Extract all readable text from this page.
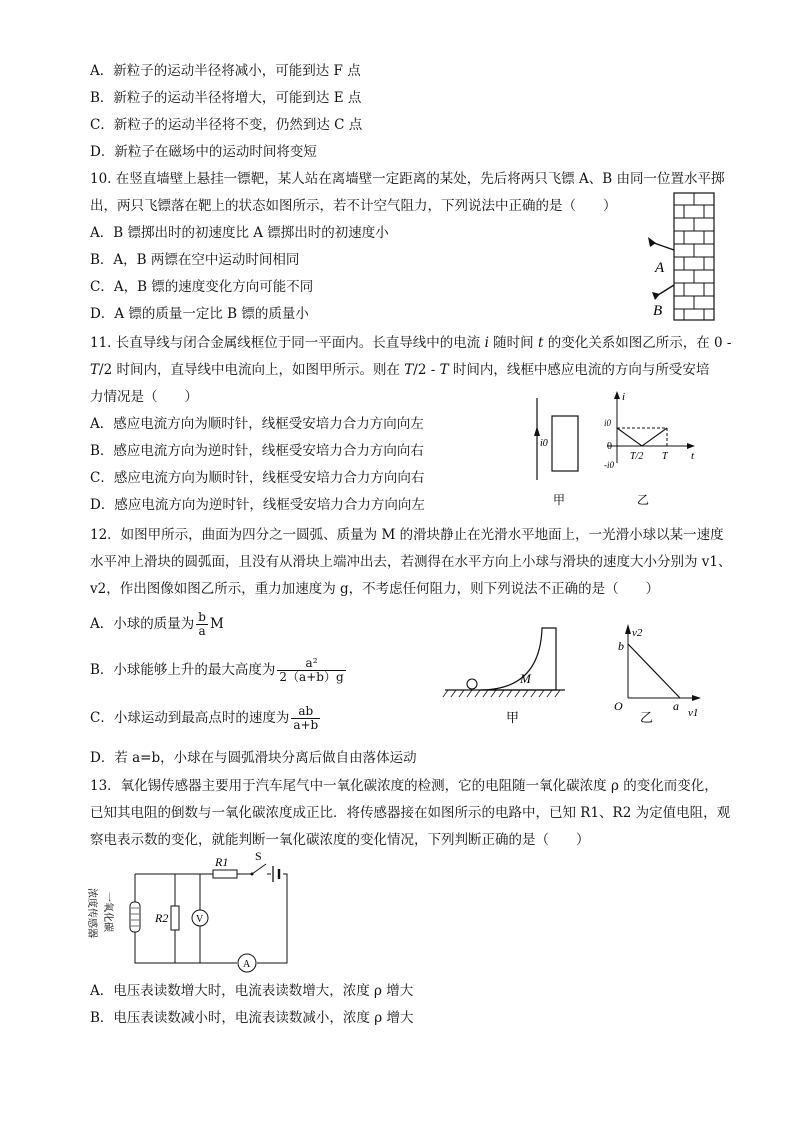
A．新粒子的运动半径将减小，可能到达 F 点
B．新粒子的运动半径将增大，可能到达 E 点
C．新粒子的运动半径将不变，仍然到达 C 点
D．新粒子在磁场中的运动时间将变短
10. 在竖直墙壁上悬挂一镖靶，某人站在离墙壁一定距离的某处，先后将两只飞镖 A、B 由同一位置水平掷
出，两只飞镖落在靶上的状态如图所示，若不计空气阻力，下列说法中正确的是（　　）
A．B 镖掷出时的初速度比 A 镖掷出时的初速度小
B．A，B 两镖在空中运动时间相同
C．A，B 镖的速度变化方向可能不同
D．A 镖的质量一定比 B 镖的质量小
A
B
11. 长直导线与闭合金属线框位于同一平面内。长直导线中的电流 i 随时间 t 的变化关系如图乙所示，在 0 -
T/2 时间内，直导线中电流向上，如图甲所示。则在 T/2 - T 时间内，线框中感应电流的方向与所受安培
力情况是（　　）
A．感应电流方向为顺时针，线框受安培力合力方向向左
B．感应电流方向为逆时针，线框受安培力合力方向向右
C．感应电流方向为顺时针，线框受安培力合力方向向右
D．感应电流方向为逆时针，线框受安培力合力方向向左
i0
甲
i
i0
0
-i0
T/2 T t
乙
12．如图甲所示，曲面为四分之一圆弧、质量为 M 的滑块静止在光滑水平地面上，一光滑小球以某一速度
水平冲上滑块的圆弧面，且没有从滑块上端冲出去，若测得在水平方向上小球与滑块的速度大小分别为 v1、
v2，作出图像如图乙所示，重力加速度为 g，不考虑任何阻力，则下列说法不正确的是（　　）
A．小球的质量为 $\frac{b}{a}$ M
B．小球能够上升的最大高度为 $\frac{\text{a²}}{2(a+b)g}$
C．小球运动到最高点时的速度为 $\frac{ab}{a+b}$
D．若 a=b，小球在与圆弧滑块分离后做自由落体运动
M
甲
v2
b
O	a v1
乙
13．氧化锡传感器主要用于汽车尾气中一氧化碳浓度的检测，它的电阻随一氧化碳浓度 ρ 的变化而变化，
已知其电阻的倒数与一氧化碳浓度成正比．将传感器接在如图所示的电路中，已知 R1、R2 为定值电阻，观
察电表示数的变化，就能判断一氧化碳浓度的变化情况，下列判断正确的是（　　）
R1 S
R2	V
A
浓度传感器 一氧化碳
A．电压表读数增大时，电流表读数增大，浓度 ρ 增大
B．电压表读数减小时，电流表读数减小，浓度 ρ 增大
